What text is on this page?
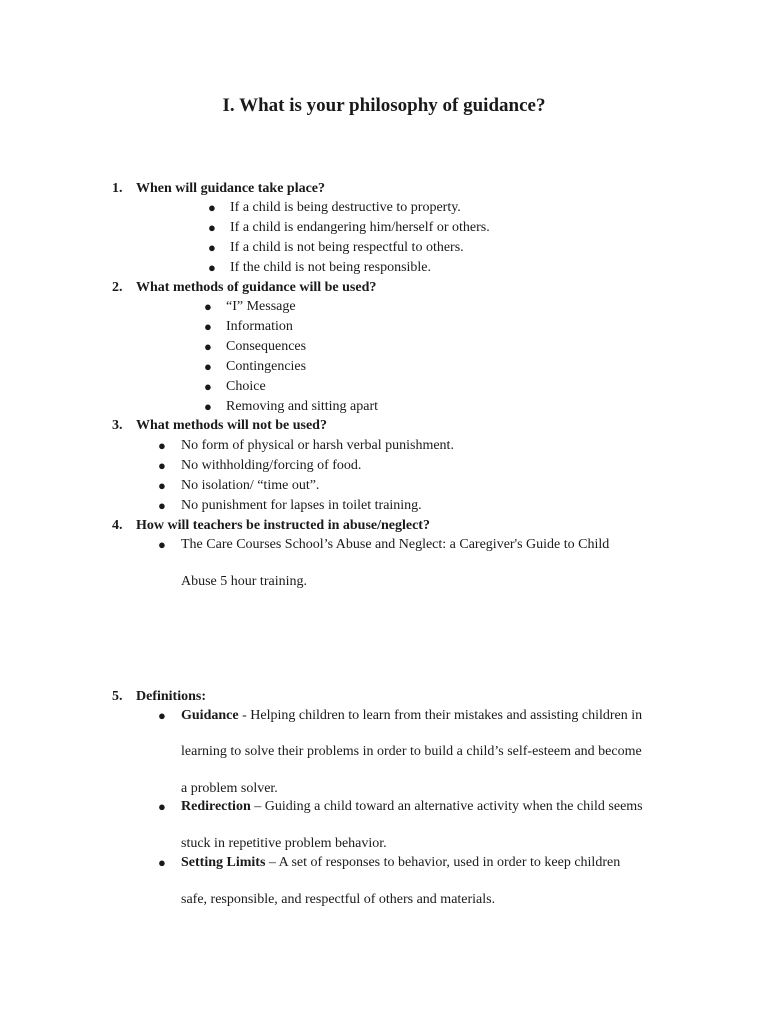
I. What is your philosophy of guidance?
1. When will guidance take place?
● If a child is being destructive to property.
● If a child is endangering him/herself or others.
● If a child is not being respectful to others.
● If the child is not being responsible.
2. What methods of guidance will be used?
● “I” Message
● Information
● Consequences
● Contingencies
● Choice
● Removing and sitting apart
3. What methods will not be used?
● No form of physical or harsh verbal punishment.
● No withholding/forcing of food.
● No isolation/ “time out”.
● No punishment for lapses in toilet training.
4. How will teachers be instructed in abuse/neglect?
● The Care Courses School’s Abuse and Neglect: a Caregiver's Guide to Child
Abuse 5 hour training.
5. Definitions:
● Guidance - Helping children to learn from their mistakes and assisting children in
learning to solve their problems in order to build a child’s self-esteem and become
a problem solver.
● Redirection – Guiding a child toward an alternative activity when the child seems
stuck in repetitive problem behavior.
● Setting Limits – A set of responses to behavior, used in order to keep children
safe, responsible, and respectful of others and materials.
